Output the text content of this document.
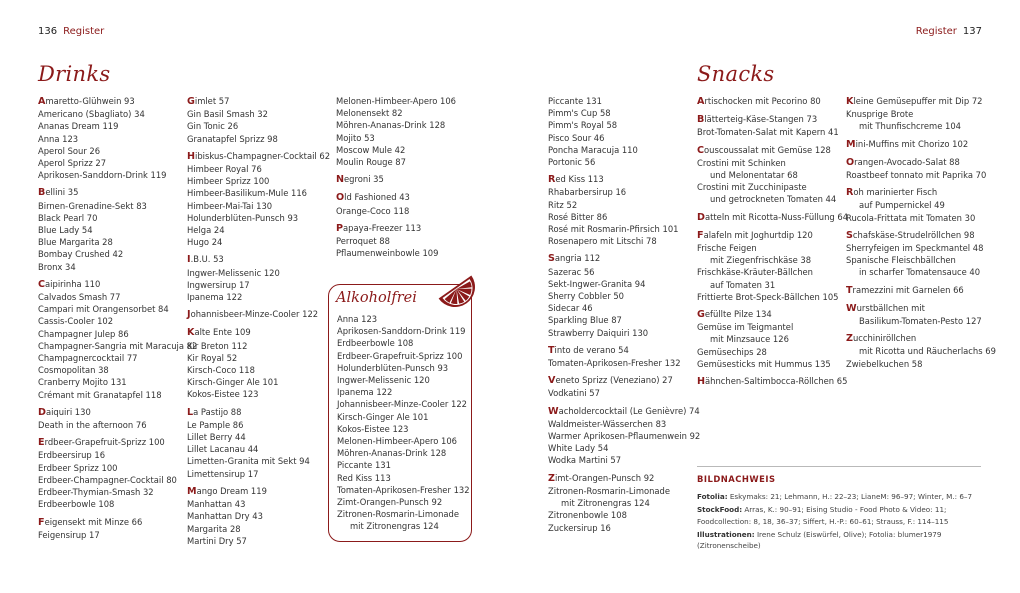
136 Register	Register 137
Drinks	Snacks
Amaretto-Glühwein 93
Americano (Sbagliato) 34
Ananas Dream 119
Anna 123
Aperol Sour 26
Aperol Sprizz 27
Aprikosen-Sanddorn-Drink 119
Bellini 35
Birnen-Grenadine-Sekt 83
Black Pearl 70
Blue Lady 54
Blue Margarita 28
Bombay Crushed 42
Bronx 34
Caipirinha 110
Calvados Smash 77
Campari mit Orangensorbet 84
Cassis-Cooler 102
Champagner Julep 86
Champagner-Sangria mit Maracuja 82
Champagnercocktail 77
Cosmopolitan 38
Cranberry Mojito 131
Crémant mit Granatapfel 118
Daiquiri 130
Death in the afternoon 76
Erdbeer-Grapefruit-Sprizz 100
Erdbeersirup 16
Erdbeer Sprizz 100
Erdbeer-Champagner-Cocktail 80
Erdbeer-Thymian-Smash 32
Erdbeerbowle 108
Feigensekt mit Minze 66
Feigensirup 17
Gimlet 57
Gin Basil Smash 32
Gin Tonic 26
Granatapfel Sprizz 98
Hibiskus-Champagner-Cocktail 62
Himbeer Royal 76
Himbeer Sprizz 100
Himbeer-Basilikum-Mule 116
Himbeer-Mai-Tai 130
Holunderblüten-Punsch 93
Helga 24
Hugo 24
I.B.U. 53
Ingwer-Melissenic 120
Ingwersirup 17
Ipanema 122
Johannisbeer-Minze-Cooler 122
Kalte Ente 109
Kir Breton 112
Kir Royal 52
Kirsch-Coco 118
Kirsch-Ginger Ale 101
Kokos-Eistee 123
La Pastijo 88
Le Pample 86
Lillet Berry 44
Lillet Lacanau 44
Limetten-Granita mit Sekt 94
Limettensirup 17
Mango Dream 119
Manhattan 43
Manhattan Dry 43
Margarita 28
Martini Dry 57
Melonen-Himbeer-Apero 106
Melonensekt 82
Möhren-Ananas-Drink 128
Mojito 53
Moscow Mule 42
Moulin Rouge 87
Negroni 35
Old Fashioned 43
Orange-Coco 118
Papaya-Freezer 113
Perroquet 88
Pflaumenweinbowle 109
Piccante 131
Pimm's Cup 58
Pimm's Royal 58
Pisco Sour 46
Poncha Maracuja 110
Portonic 56
Red Kiss 113
Rhabarbersirup 16
Ritz 52
Rosé Bitter 86
Rosé mit Rosmarin-Pfirsich 101
Rosenapero mit Litschi 78
Sangria 112
Sazerac 56
Sekt-Ingwer-Granita 94
Sherry Cobbler 50
Sidecar 46
Sparkling Blue 87
Strawberry Daiquiri 130
Tinto de verano 54
Tomaten-Aprikosen-Fresher 132
Veneto Sprizz (Veneziano) 27
Vodkatini 57
Wacholdercocktail (Le Genièvre) 74
Waldmeister-Wässerchen 83
Warmer Aprikosen-Pflaumenwein 92
White Lady 54
Wodka Martini 57
Zimt-Orangen-Punsch 92
Zitronen-Rosmarin-Limonade
mit Zitronengras 124
Zitronenbowle 108
Zuckersirup 16
Alkoholfrei
Anna 123
Aprikosen-Sanddorn-Drink 119
Erdbeerbowle 108
Erdbeer-Grapefruit-Sprizz 100
Holunderblüten-Punsch 93
Ingwer-Melissenic 120
Ipanema 122
Johannisbeer-Minze-Cooler 122
Kirsch-Ginger Ale 101
Kokos-Eistee 123
Melonen-Himbeer-Apero 106
Möhren-Ananas-Drink 128
Piccante 131
Red Kiss 113
Tomaten-Aprikosen-Fresher 132
Zimt-Orangen-Punsch 92
Zitronen-Rosmarin-Limonade
mit Zitronengras 124
Artischocken mit Pecorino 80
Blätterteig-Käse-Stangen 73
Brot-Tomaten-Salat mit Kapern 41
Couscoussalat mit Gemüse 128
Crostini mit Schinken
und Melonentatar 68
Crostini mit Zucchinipaste
und getrockneten Tomaten 44
Datteln mit Ricotta-Nuss-Füllung 64
Falafeln mit Joghurtdip 120
Frische Feigen
mit Ziegenfrischkäse 38
Frischkäse-Kräuter-Bällchen
auf Tomaten 31
Frittierte Brot-Speck-Bällchen 105
Gefüllte Pilze 134
Gemüse im Teigmantel
mit Minzsauce 126
Gemüsechips 28
Gemüsesticks mit Hummus 135
Hähnchen-Saltimbocca-Röllchen 65
Kleine Gemüsepuffer mit Dip 72
Knusprige Brote
mit Thunfischcreme 104
Mini-Muffins mit Chorizo 102
Orangen-Avocado-Salat 88
Roastbeef tonnato mit Paprika 70
Roh marinierter Fisch
auf Pumpernickel 49
Rucola-Frittata mit Tomaten 30
Schafskäse-Strudelröllchen 98
Sherryfeigen im Speckmantel 48
Spanische Fleischbällchen
in scharfer Tomatensauce 40
Tramezzini mit Garnelen 66
Wurstbällchen mit
Basilikum-Tomaten-Pesto 127
Zucchiniröllchen
mit Ricotta und Räucherlachs 69
Zwiebelkuchen 58
BILDNACHWEIS
Fotolia: Eskymaks: 21; Lehmann, H.: 22–23; LianeM: 96–97; Winter, M.: 6–7
StockFood: Arras, K.: 90–91; Eising Studio - Food Photo & Video: 11; Foodcollection: 8, 18, 36–37; Siffert, H.-P.: 60–61; Strauss, F.: 114–115
Illustrationen: Irene Schulz (Eiswürfel, Olive); Fotolia: blumer1979 (Zitronenscheibe)
